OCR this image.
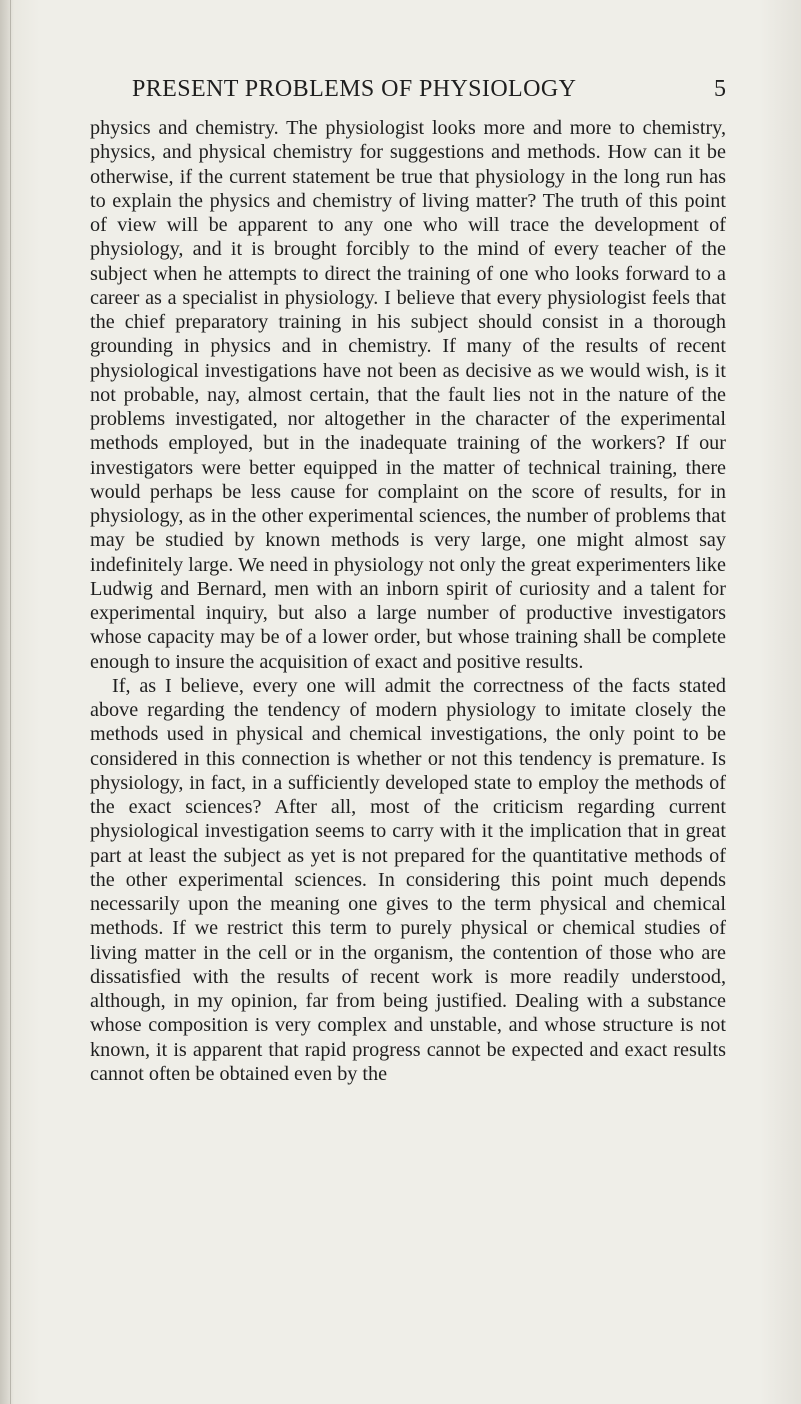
PRESENT PROBLEMS OF PHYSIOLOGY	5

physics and chemistry. The physiologist looks more and more to chemistry, physics, and physical chemistry for suggestions and methods. How can it be otherwise, if the current statement be true that physiology in the long run has to explain the physics and chemistry of living matter? The truth of this point of view will be apparent to any one who will trace the development of physiology, and it is brought forcibly to the mind of every teacher of the subject when he attempts to direct the training of one who looks forward to a career as a specialist in physiology. I believe that every physiologist feels that the chief preparatory training in his subject should consist in a thorough grounding in physics and in chemistry. If many of the results of recent physiological investigations have not been as decisive as we would wish, is it not probable, nay, almost certain, that the fault lies not in the nature of the problems investigated, nor altogether in the character of the experimental methods employed, but in the inadequate training of the workers? If our investigators were better equipped in the matter of technical training, there would perhaps be less cause for complaint on the score of results, for in physiology, as in the other experimental sciences, the number of problems that may be studied by known methods is very large, one might almost say indefinitely large. We need in physiology not only the great experimenters like Ludwig and Bernard, men with an inborn spirit of curiosity and a talent for experimental inquiry, but also a large number of productive investigators whose capacity may be of a lower order, but whose training shall be complete enough to insure the acquisition of exact and positive results.

If, as I believe, every one will admit the correctness of the facts stated above regarding the tendency of modern physiology to imitate closely the methods used in physical and chemical investigations, the only point to be considered in this connection is whether or not this tendency is premature. Is physiology, in fact, in a sufficiently developed state to employ the methods of the exact sciences? After all, most of the criticism regarding current physiological investigation seems to carry with it the implication that in great part at least the subject as yet is not prepared for the quantitative methods of the other experimental sciences. In considering this point much depends necessarily upon the meaning one gives to the term physical and chemical methods. If we restrict this term to purely physical or chemical studies of living matter in the cell or in the organism, the contention of those who are dissatisfied with the results of recent work is more readily understood, although, in my opinion, far from being justified. Dealing with a substance whose composition is very complex and unstable, and whose structure is not known, it is apparent that rapid progress cannot be expected and exact results cannot often be obtained even by the
